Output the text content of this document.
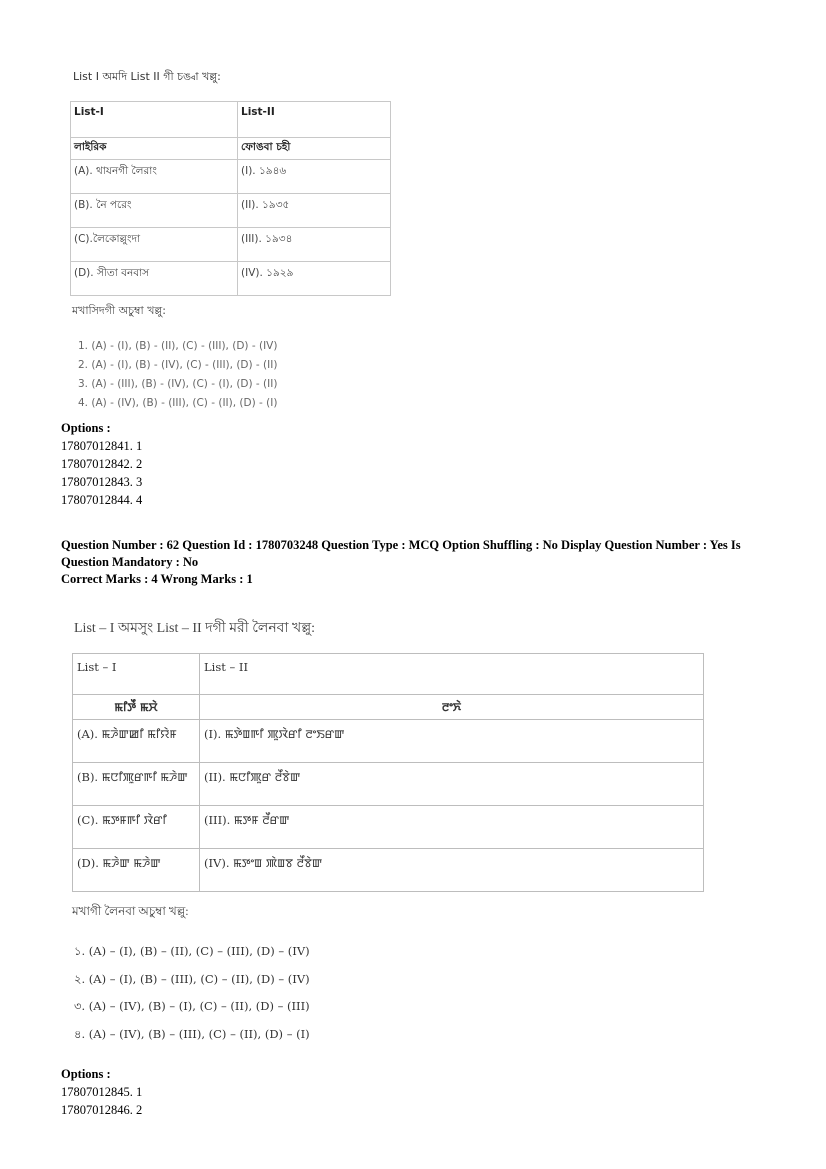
List I অমদি List II গী চঙ্বা খল্লু:
List-I	List-II
লাইরিক	ফোঙবা চহী
(A). থাযনগী লৈরাং	(I). ১৯৪৬
(B). নৈ পরেং	(II). ১৯৩৫
(C).লৈকোল্লুংদা	(III). ১৯৩৪
(D). সীতা বনবাস	(IV). ১৯২৯
মখাসিদগী অচুম্বা খল্লু:
1. (A) - (I), (B) - (II), (C) - (III), (D) - (IV)
2. (A) - (I), (B) - (IV), (C) - (III), (D) - (II)
3. (A) - (III), (B) - (IV), (C) - (I), (D) - (II)
4. (A) - (IV), (B) - (III), (C) - (II), (D) - (I)
Options :
17807012841. 1
17807012842. 2
17807012843. 3
17807012844. 4
Question Number : 62 Question Id : 1780703248 Question Type : MCQ Option Shuffling : No Display Question Number : Yes Is
Question Mandatory : No
Correct Marks : 4 Wrong Marks : 1
List – I অমসুং List – II দগী মরী লৈনবা খল্লু:
List – I	List – II
ꯃꯤꯇꯩ ꯃꯆꯥ	ꯂꯦꯈꯥ
(A). ꯃꯍꯥꯛꯀꯤ ꯃꯤꯌꯥꯝ	(I). ꯃꯇꯥꯡꯒꯤ ꯄꯨꯋꯥꯔꯤ ꯂꯦꯏꯔꯛ
(B). ꯃꯅꯤꯄꯨꯔꯒꯤ ꯃꯍꯥꯛ	(II). ꯃꯅꯤꯄꯨꯔ ꯂꯩꯕꯥꯛ
(C). ꯃꯇꯝꯒꯤ ꯋꯥꯔꯤ	(III). ꯃꯇꯝ ꯂꯩꯔꯛ
(D). ꯃꯍꯥꯛ ꯃꯍꯥꯛ	(IV). ꯃꯇꯦꯡ ꯄꯥꯡꯕ ꯂꯩꯕꯥꯛ
মখাগী লৈনবা অচুম্বা খল্লু:
১. (A) – (I), (B) – (II), (C) – (III), (D) – (IV)
২. (A) – (I), (B) – (III), (C) – (II), (D) – (IV)
৩. (A) – (IV), (B) – (I), (C) – (II), (D) – (III)
৪. (A) – (IV), (B) – (III), (C) – (II), (D) – (I)
Options :
17807012845. 1
17807012846. 2
